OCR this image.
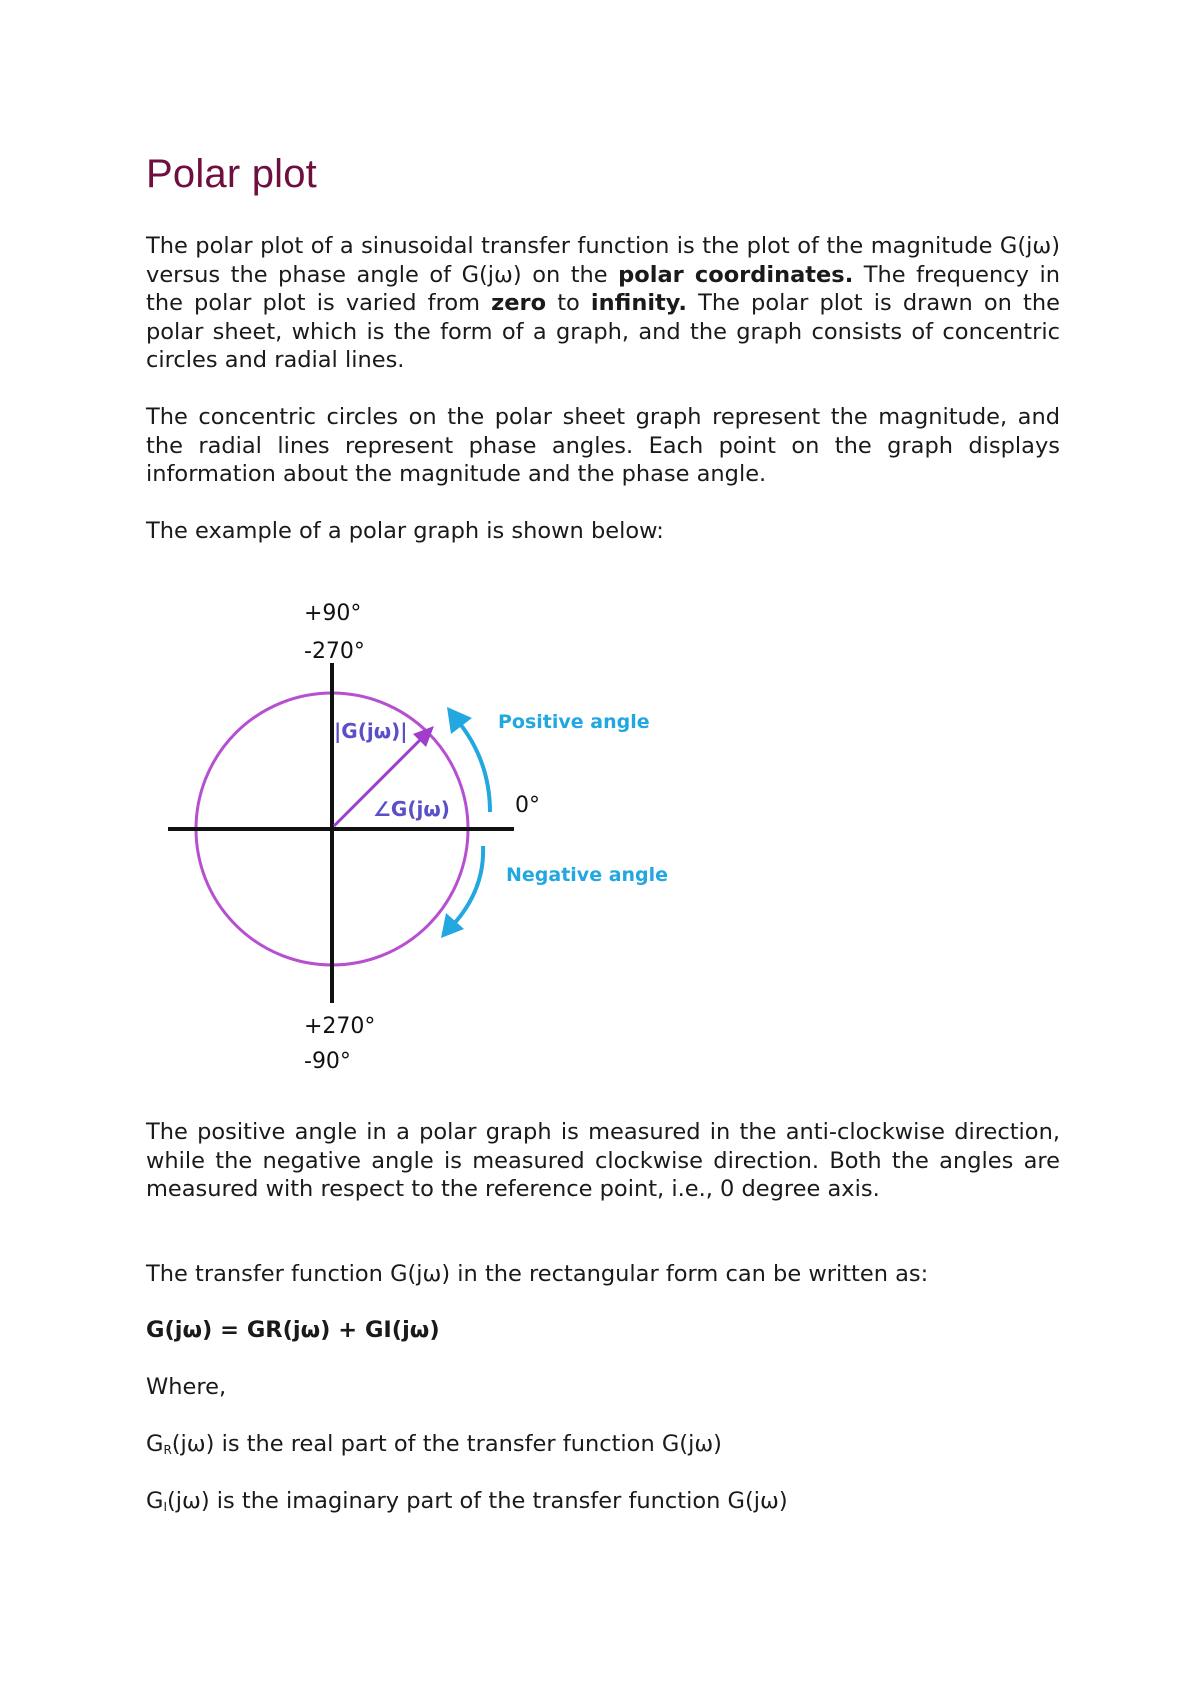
Polar plot

The polar plot of a sinusoidal transfer function is the plot of the magnitude G(jω) versus the phase angle of G(jω) on the polar coordinates. The frequency in the polar plot is varied from zero to infinity. The polar plot is drawn on the polar sheet, which is the form of a graph, and the graph consists of concentric circles and radial lines.

The concentric circles on the polar sheet graph represent the magnitude, and the radial lines represent phase angles. Each point on the graph displays information about the magnitude and the phase angle.

The example of a polar graph is shown below:

The positive angle in a polar graph is measured in the anti-clockwise direction, while the negative angle is measured clockwise direction. Both the angles are measured with respect to the reference point, i.e., 0 degree axis.

The transfer function G(jω) in the rectangular form can be written as:
G(jω) = GR(jω) + GI(jω)
Where,
$G_R(j\omega)$ is the real part of the transfer function G(jω)
$G_I(j\omega)$ is the imaginary part of the transfer function G(jω)
+90°
-270°
+270°
-90°
0°
|G(jω)|
∠G(jω)
Positive angle
Negative angle
